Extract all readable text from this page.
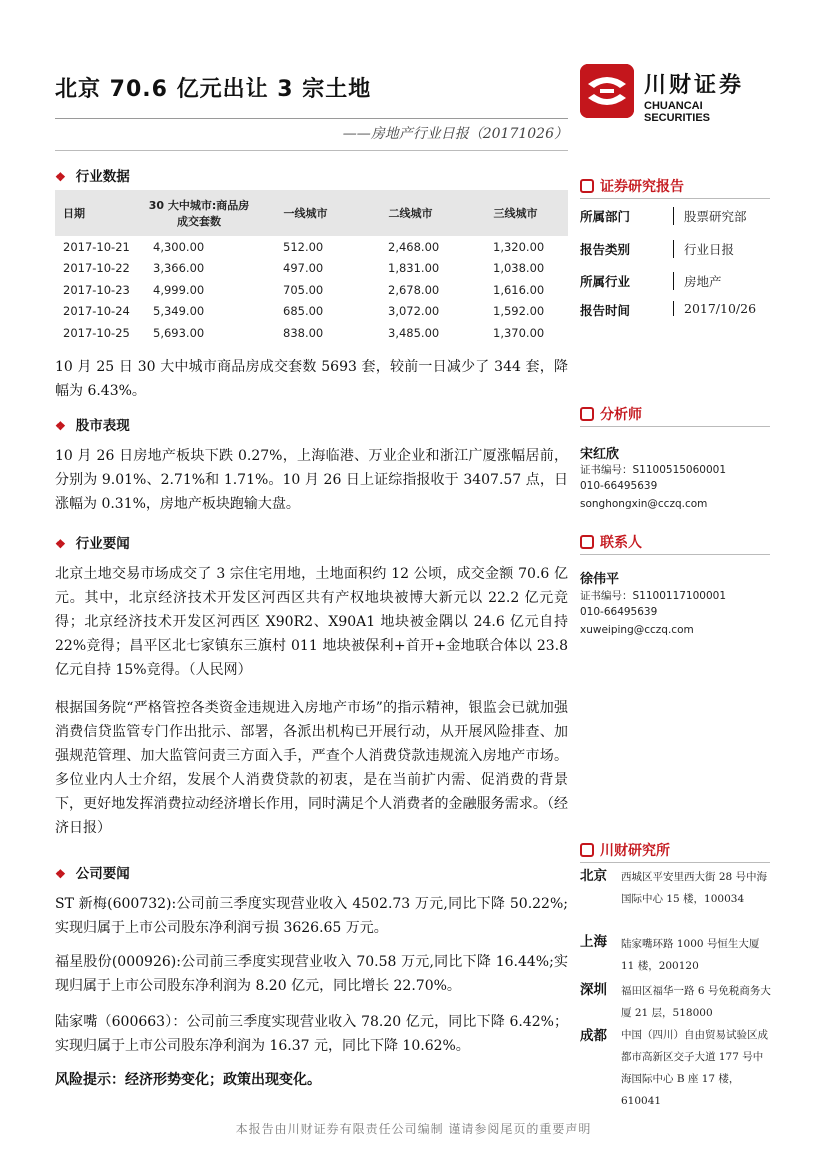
北京 70.6 亿元出让 3 宗土地
——房地产行业日报（20171026）
川财证券
CHUANCAI SECURITIES
❖ 行业数据
日期	30 大中城市:商品房成交套数	一线城市	二线城市	三线城市
2017-10-21	4,300.00	512.00	2,468.00	1,320.00
2017-10-22	3,366.00	497.00	1,831.00	1,038.00
2017-10-23	4,999.00	705.00	2,678.00	1,616.00
2017-10-24	5,349.00	685.00	3,072.00	1,592.00
2017-10-25	5,693.00	838.00	3,485.00	1,370.00
10 月 25 日 30 大中城市商品房成交套数 5693 套，较前一日减少了 344 套，降幅为 6.43%。
❖ 股市表现
10 月 26 日房地产板块下跌 0.27%，上海临港、万业企业和浙江广厦涨幅居前，分别为 9.01%、2.71%和 1.71%。10 月 26 日上证综指报收于 3407.57 点，日涨幅为 0.31%，房地产板块跑输大盘。
❖ 行业要闻
北京土地交易市场成交了 3 宗住宅用地，土地面积约 12 公顷，成交金额 70.6 亿元。其中，北京经济技术开发区河西区共有产权地块被博大新元以 22.2 亿元竞得；北京经济技术开发区河西区 X90R2、X90A1 地块被金隅以 24.6 亿元自持 22%竞得；昌平区北七家镇东三旗村 011 地块被保利+首开+金地联合体以 23.8 亿元自持 15%竞得。（人民网）
根据国务院“严格管控各类资金违规进入房地产市场”的指示精神，银监会已就加强消费信贷监管专门作出批示、部署，各派出机构已开展行动，从开展风险排查、加强规范管理、加大监管问责三方面入手，严查个人消费贷款违规流入房地产市场。多位业内人士介绍，发展个人消费贷款的初衷，是在当前扩内需、促消费的背景下，更好地发挥消费拉动经济增长作用，同时满足个人消费者的金融服务需求。（经济日报）
❖ 公司要闻
ST 新梅(600732):公司前三季度实现营业收入 4502.73 万元,同比下降 50.22%;实现归属于上市公司股东净利润亏损 3626.65 万元。
福星股份(000926):公司前三季度实现营业收入 70.58 万元,同比下降 16.44%;实现归属于上市公司股东净利润为 8.20 亿元，同比增长 22.70%。
陆家嘴（600663）：公司前三季度实现营业收入 78.20 亿元，同比下降 6.42%；实现归属于上市公司股东净利润为 16.37 元，同比下降 10.62%。
风险提示：经济形势变化；政策出现变化。
证券研究报告
所属部门	股票研究部
报告类别	行业日报
所属行业	房地产
报告时间	2017/10/26
分析师
宋红欣
证书编号：S1100515060001
010-66495639
songhongxin@cczq.com
联系人
徐伟平
证书编号：S1100117100001
010-66495639
xuweiping@cczq.com
川财研究所
北京 西城区平安里西大街 28 号中海国际中心 15 楼，100034
上海 陆家嘴环路 1000 号恒生大厦 11 楼，200120
深圳 福田区福华一路 6 号免税商务大厦 21 层，518000
成都 中国（四川）自由贸易试验区成都市高新区交子大道 177 号中海国际中心 B 座 17 楼，610041
本报告由川财证券有限责任公司编制 谨请参阅尾页的重要声明
